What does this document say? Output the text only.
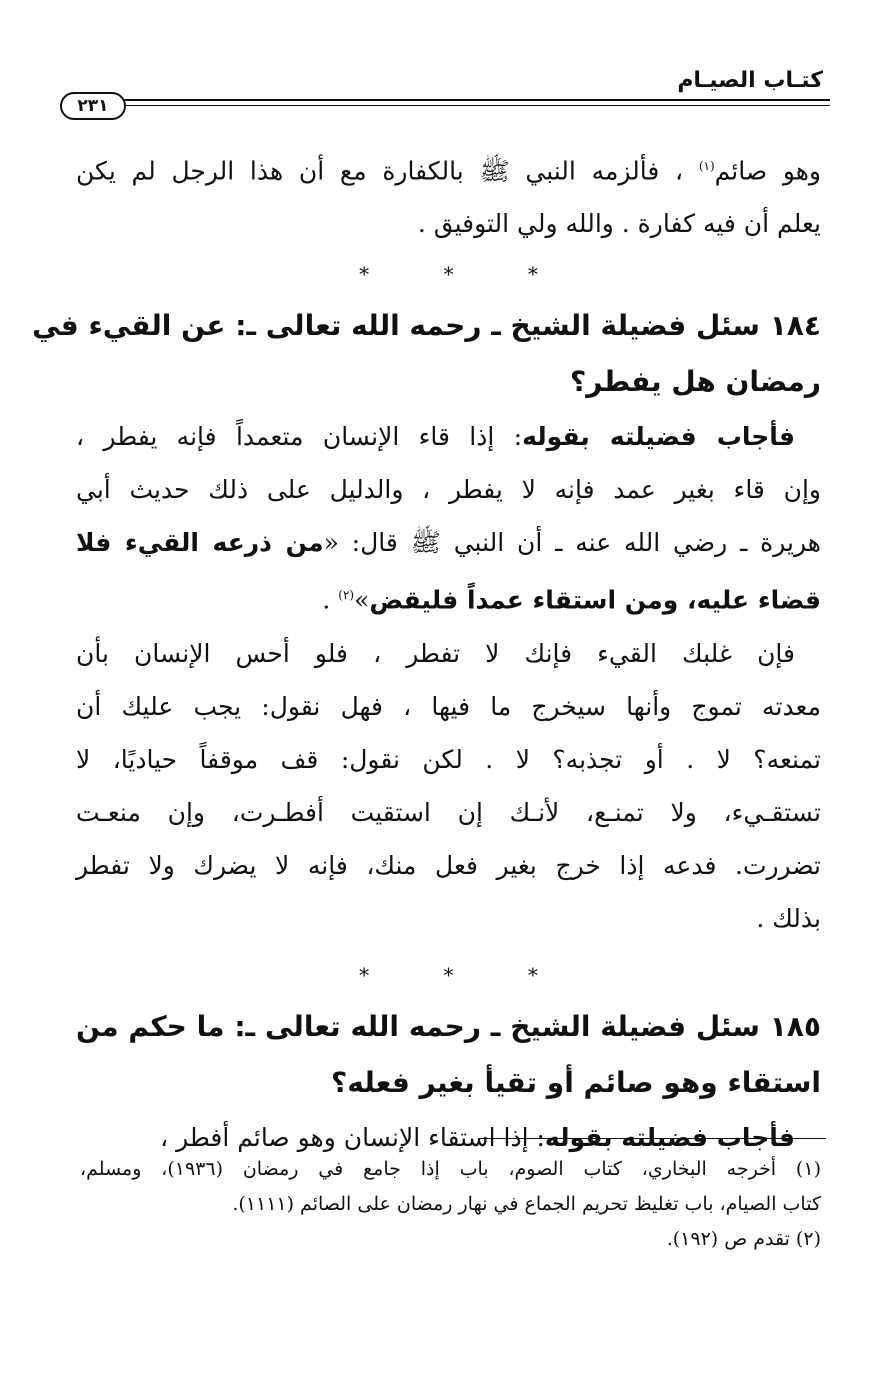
كتـاب الصيـام
٢٣١
وهو صائم$^{(١)}$ ، فألزمه النبي ﷺ بالكفارة مع أن هذا الرجل لم يكن
يعلم أن فيه كفارة . والله ولي التوفيق .
* * *
١٨٤ سئل فضيلة الشيخ ـ رحمه الله تعالى ـ: عن القيء في
رمضان هل يفطر؟
فأجاب فضيلته بقوله: إذا قاء الإنسان متعمداً فإنه يفطر ،
وإن قاء بغير عمد فإنه لا يفطر ، والدليل على ذلك حديث أبي
هريرة ـ رضي الله عنه ـ أن النبي ﷺ قال: «من ذرعه القيء فلا
قضاء عليه، ومن استقاء عمداً فليقض»$^{(٢)}$ .
فإن غلبك القيء فإنك لا تفطر ، فلو أحس الإنسان بأن
معدته تموج وأنها سيخرج ما فيها ، فهل نقول: يجب عليك أن
تمنعه؟ لا . أو تجذبه؟ لا . لكن نقول: قف موقفاً حياديًا، لا
تستقـيء، ولا تمنـع، لأنـك إن استقيت أفطـرت، وإن منعـت
تضررت. فدعه إذا خرج بغير فعل منك، فإنه لا يضرك ولا تفطر
بذلك .
* * *
١٨٥ سئل فضيلة الشيخ ـ رحمه الله تعالى ـ: ما حكم من
استقاء وهو صائم أو تقيأ بغير فعله؟
فأجاب فضيلته بقوله: إذا استقاء الإنسان وهو صائم أفطر ،
(١) أخرجه البخاري، كتاب الصوم، باب إذا جامع في رمضان (١٩٣٦)، ومسلم،
كتاب الصيام، باب تغليظ تحريم الجماع في نهار رمضان على الصائم (١١١١).
(٢) تقدم ص (١٩٢).
